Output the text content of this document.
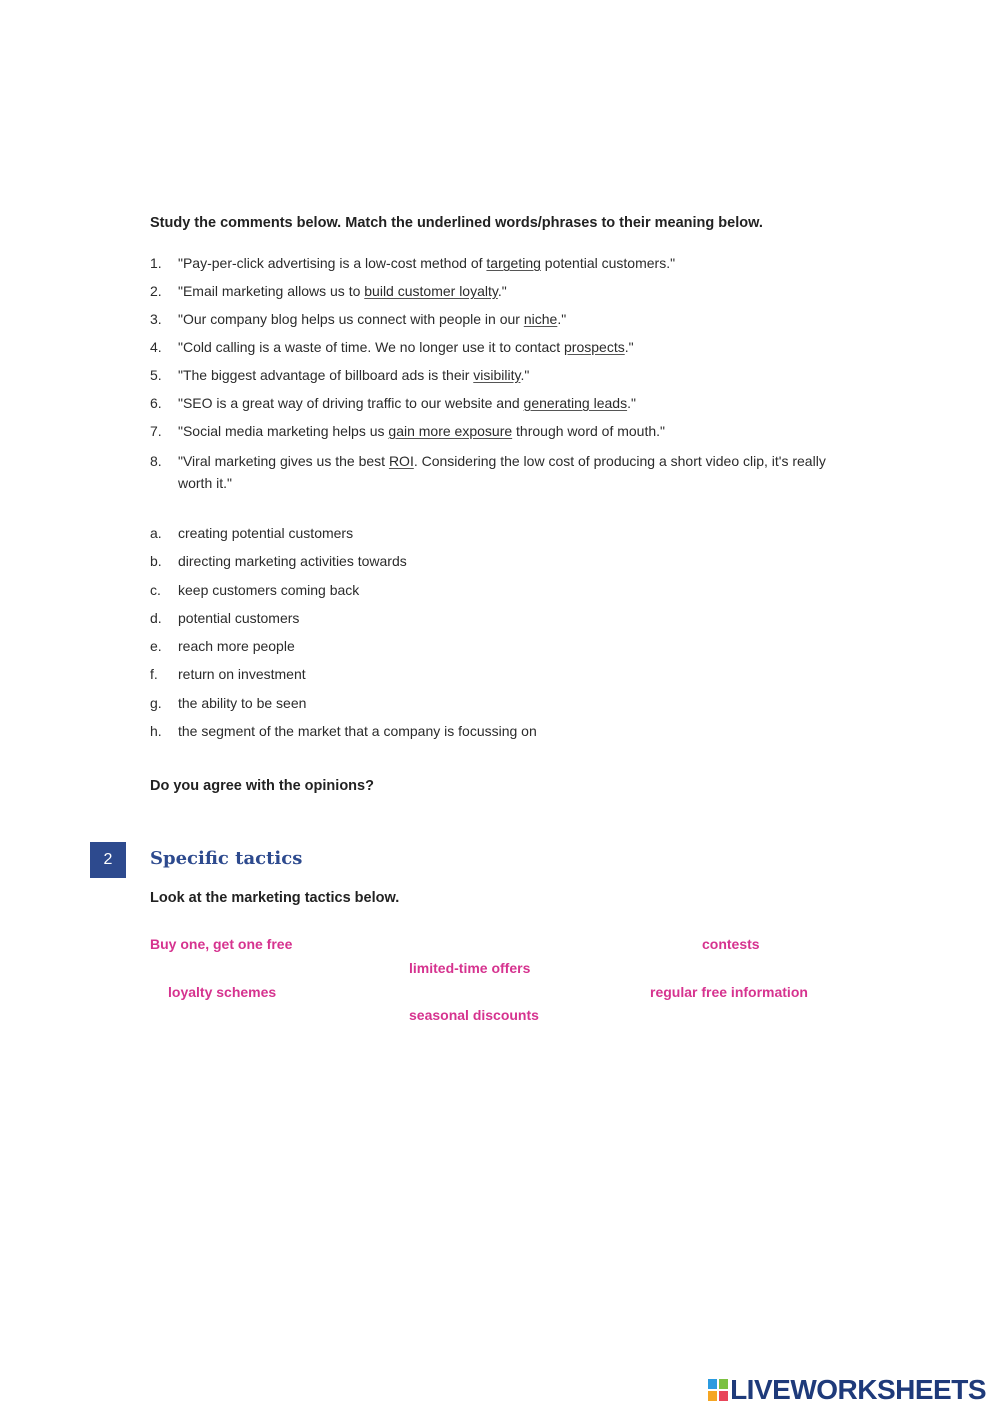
Study the comments below. Match the underlined words/phrases to their meaning below.
1. "Pay-per-click advertising is a low-cost method of targeting potential customers."
2. "Email marketing allows us to build customer loyalty."
3. "Our company blog helps us connect with people in our niche."
4. "Cold calling is a waste of time. We no longer use it to contact prospects."
5. "The biggest advantage of billboard ads is their visibility."
6. "SEO is a great way of driving traffic to our website and generating leads."
7. "Social media marketing helps us gain more exposure through word of mouth."
8. "Viral marketing gives us the best ROI. Considering the low cost of producing a short video clip, it's really worth it."
a. creating potential customers
b. directing marketing activities towards
c. keep customers coming back
d. potential customers
e. reach more people
f. return on investment
g. the ability to be seen
h. the segment of the market that a company is focussing on
Do you agree with the opinions?
2	Specific tactics
Look at the marketing tactics below.
Buy one, get one free	contests
limited-time offers
loyalty schemes	regular free information
seasonal discounts
LIVEWORKSHEETS
